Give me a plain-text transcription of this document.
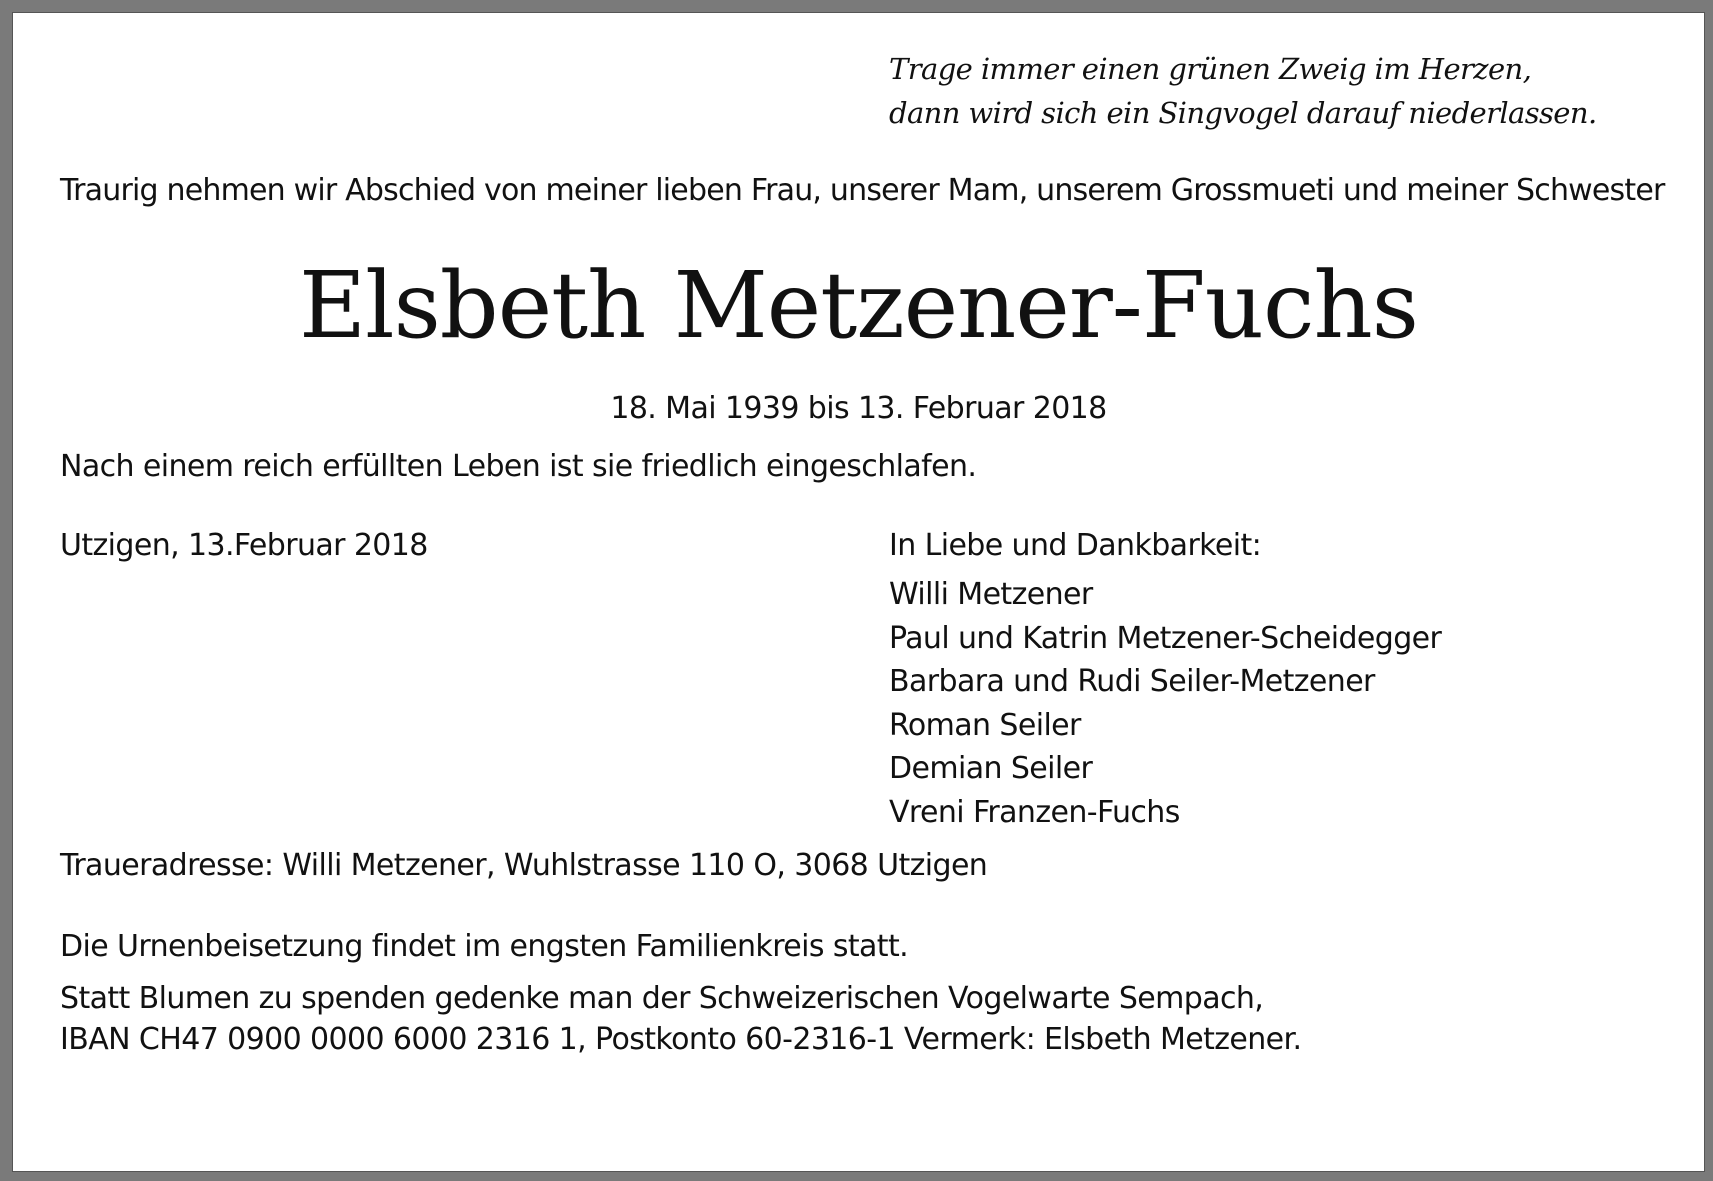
Trage immer einen grünen Zweig im Herzen,
dann wird sich ein Singvogel darauf niederlassen.
Traurig nehmen wir Abschied von meiner lieben Frau, unserer Mam, unserem Grossmueti und meiner Schwester
Elsbeth Metzener-Fuchs
18. Mai 1939 bis 13. Februar 2018
Nach einem reich erfüllten Leben ist sie friedlich eingeschlafen.
Utzigen, 13.Februar 2018	In Liebe und Dankbarkeit:
Willi Metzener
Paul und Katrin Metzener-Scheidegger
Barbara und Rudi Seiler-Metzener
Roman Seiler
Demian Seiler
Vreni Franzen-Fuchs
Traueradresse: Willi Metzener, Wuhlstrasse 110 O, 3068 Utzigen
Die Urnenbeisetzung findet im engsten Familienkreis statt.
Statt Blumen zu spenden gedenke man der Schweizerischen Vogelwarte Sempach,
IBAN CH47 0900 0000 6000 2316 1, Postkonto 60-2316-1 Vermerk: Elsbeth Metzener.
